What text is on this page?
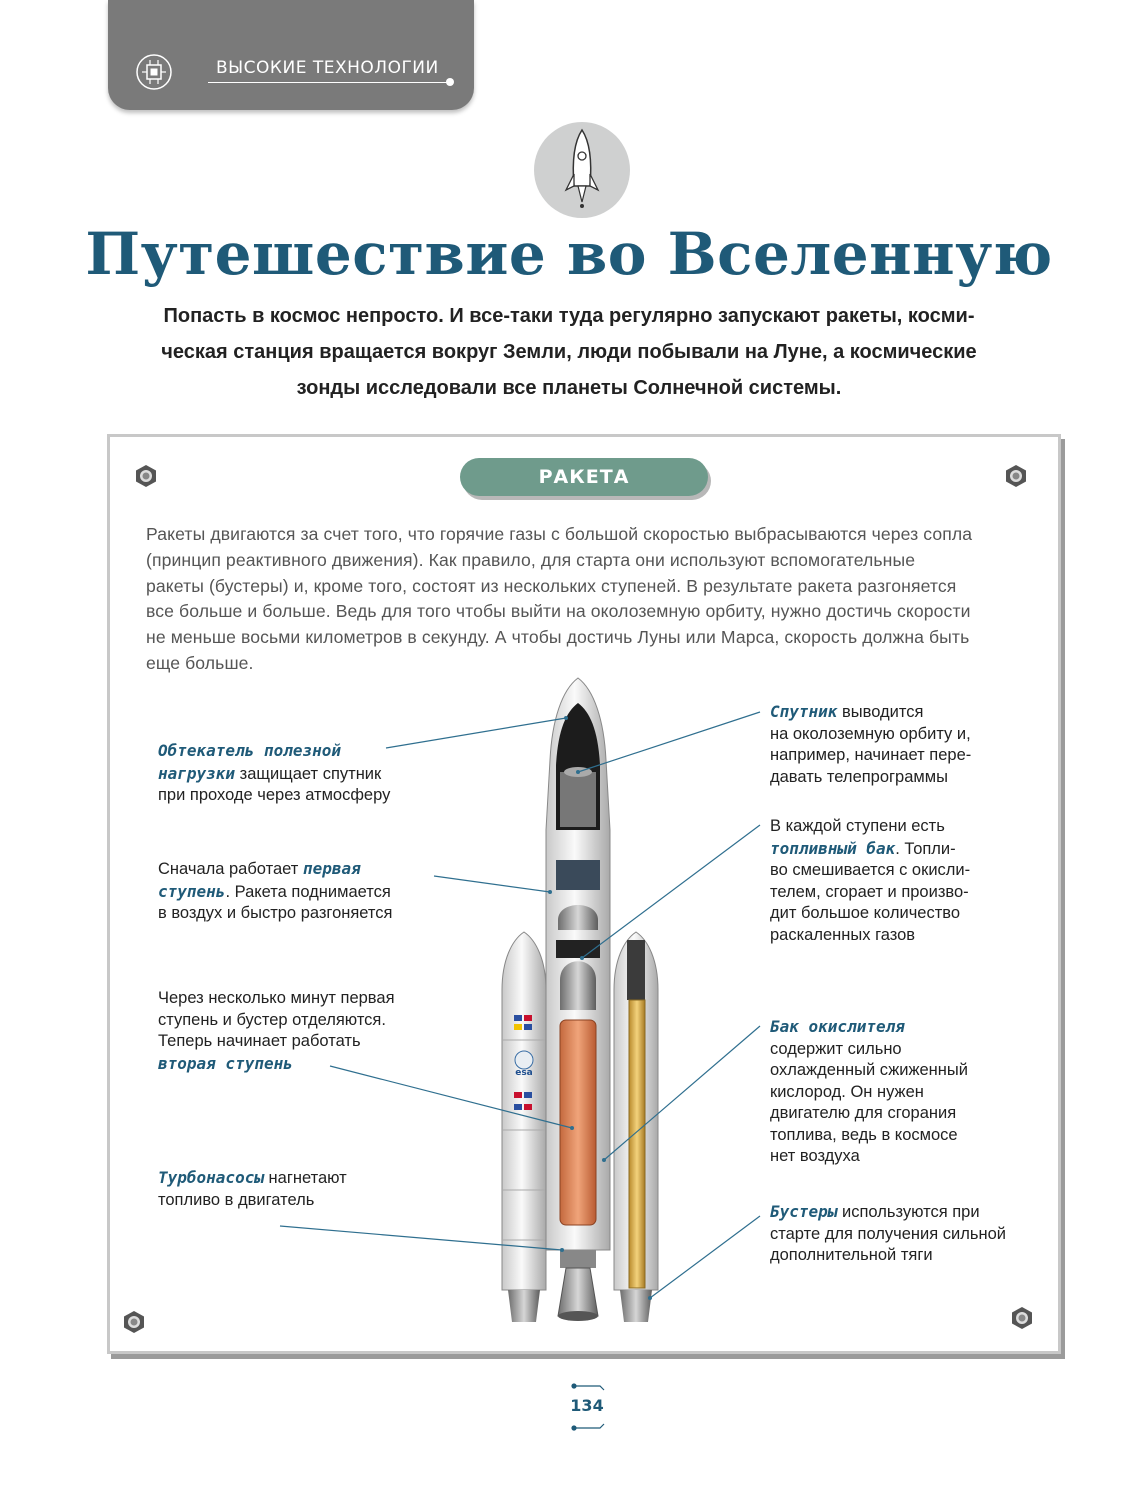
ВЫСОКИЕ ТЕХНОЛОГИИ
Путешествие во Вселенную
Попасть в космос непросто. И все-таки туда регулярно запускают ракеты, косми-
ческая станция вращается вокруг Земли, люди побывали на Луне, а космические
зонды исследовали все планеты Солнечной системы.
РАКЕТА
Ракеты двигаются за счет того, что горячие газы с большой скоростью выбрасываются через сопла
(принцип реактивного движения). Как правило, для старта они используют вспомогательные
ракеты (бустеры) и, кроме того, состоят из нескольких ступеней. В результате ракета разгоняется
все больше и больше. Ведь для того чтобы выйти на околоземную орбиту, нужно достичь скорости
не меньше восьми километров в секунду. А чтобы достичь Луны или Марса, скорость должна быть
еще больше.
esa
Обтекатель полезной
нагрузки защищает спутник
при проходе через атмосферу
Сначала работает первая
ступень. Ракета поднимается
в воздух и быстро разгоняется
Через несколько минут первая
ступень и бустер отделяются.
Теперь начинает работать
вторая ступень
Турбонасосы нагнетают
топливо в двигатель
Спутник выводится
на околоземную орбиту и,
например, начинает пере-
давать телепрограммы
В каждой ступени есть
топливный бак. Топли-
во смешивается с окисли-
телем, сгорает и произво-
дит большое количество
раскаленных газов
Бак окислителя
содержит сильно
охлажденный сжиженный
кислород. Он нужен
двигателю для сгорания
топлива, ведь в космосе
нет воздуха
Бустеры используются при
старте для получения сильной
дополнительной тяги
134
